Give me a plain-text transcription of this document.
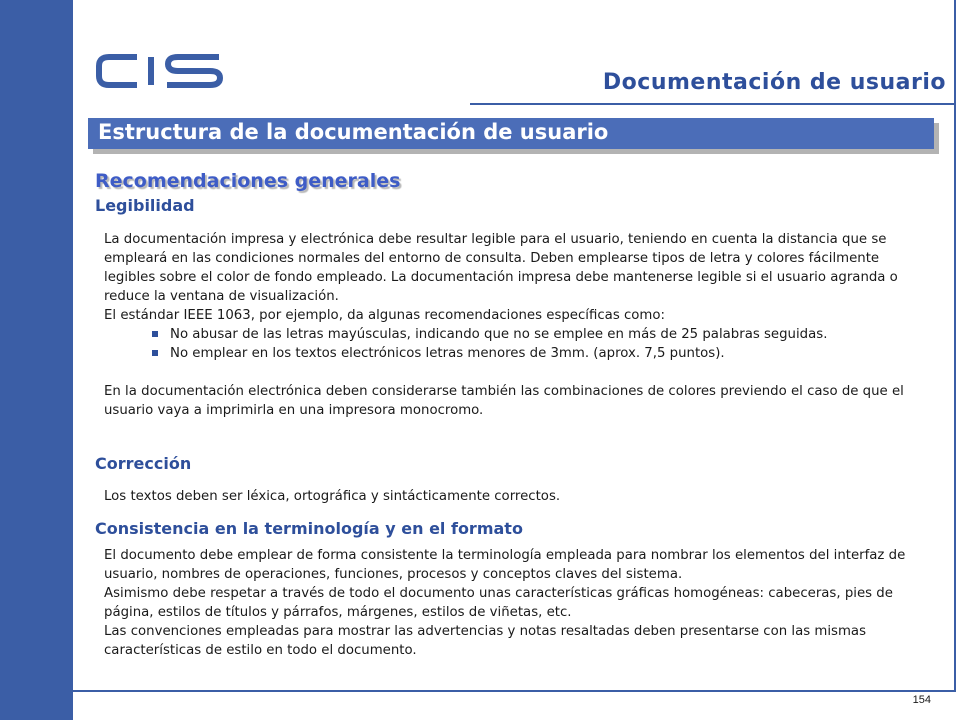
Documentación de usuario
Estructura de la documentación de usuario
Recomendaciones generales
Legibilidad

La documentación impresa y electrónica debe resultar legible para el usuario, teniendo en cuenta la distancia que se empleará en las condiciones normales del entorno de consulta. Deben emplearse tipos de letra y colores fácilmente legibles sobre el color de fondo empleado. La documentación impresa debe mantenerse legible si el usuario agranda o reduce la ventana de visualización.

El estándar IEEE 1063, por ejemplo, da algunas recomendaciones específicas como:

No abusar de las letras mayúsculas, indicando que no se emplee en más de 25 palabras seguidas.
No emplear en los textos electrónicos letras menores de 3mm. (aprox. 7,5 puntos).

En la documentación electrónica deben considerarse también las combinaciones de colores previendo el caso de que el usuario vaya a imprimirla en una impresora monocromo.

Corrección

Los textos deben ser léxica, ortográfica y sintácticamente correctos.

Consistencia en la terminología y en el formato

El documento debe emplear de forma consistente la terminología empleada para nombrar los elementos del interfaz de usuario, nombres de operaciones, funciones, procesos y conceptos claves del sistema.

Asimismo debe respetar a través de todo el documento unas características gráficas homogéneas: cabeceras, pies de página, estilos de títulos y párrafos, márgenes, estilos de viñetas, etc.

Las convenciones empleadas para mostrar las advertencias y notas resaltadas deben presentarse con las mismas características de estilo en todo el documento.

154
